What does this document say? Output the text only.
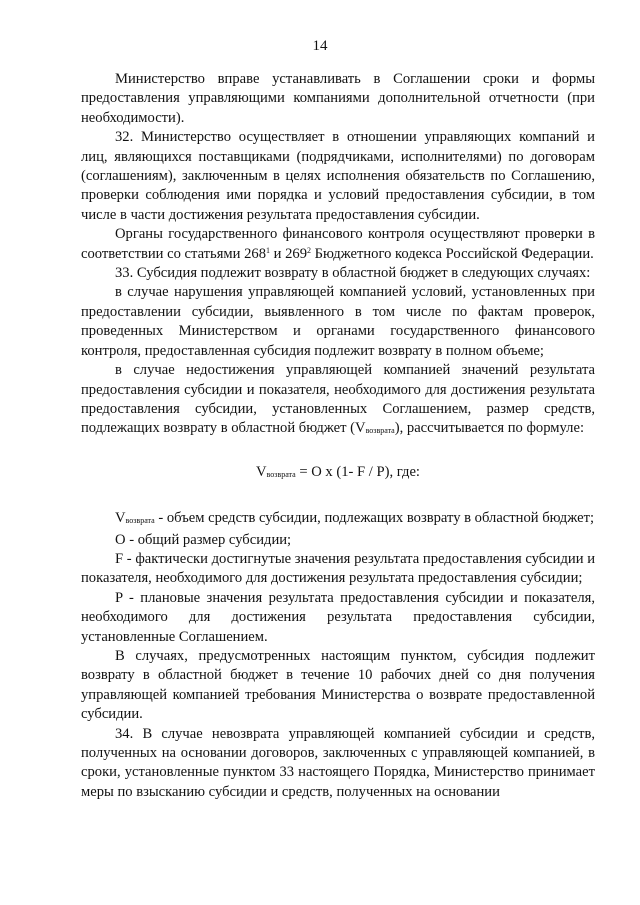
14

Министерство вправе устанавливать в Соглашении сроки и формы предоставления управляющими компаниями дополнительной отчетности (при необходимости).

32. Министерство осуществляет в отношении управляющих компаний и лиц, являющихся поставщиками (подрядчиками, исполнителями) по договорам (соглашениям), заключенным в целях исполнения обязательств по Соглашению, проверки соблюдения ими порядка и условий предоставления субсидии, в том числе в части достижения результата предоставления субсидии.

Органы государственного финансового контроля осуществляют проверки в соответствии со статьями $268^1$ и $269^2$ Бюджетного кодекса Российской Федерации.

33. Субсидия подлежит возврату в областной бюджет в следующих случаях:

в случае нарушения управляющей компанией условий, установленных при предоставлении субсидии, выявленного в том числе по фактам проверок, проведенных Министерством и органами государственного финансового контроля, предоставленная субсидия подлежит возврату в полном объеме;

в случае недостижения управляющей компанией значений результата предоставления субсидии и показателя, необходимого для достижения результата предоставления субсидии, установленных Соглашением, размер средств, подлежащих возврату в областной бюджет $(V_{возврата})$, рассчитывается по формуле:

$V_{возврата} = O$ x (1- F / P), где:

$V_{возврата}$ - объем средств субсидии, подлежащих возврату в областной бюджет;

O - общий размер субсидии;

F - фактически достигнутые значения результата предоставления субсидии и показателя, необходимого для достижения результата предоставления субсидии;

P - плановые значения результата предоставления субсидии и показателя, необходимого для достижения результата предоставления субсидии, установленные Соглашением.

В случаях, предусмотренных настоящим пунктом, субсидия подлежит возврату в областной бюджет в течение 10 рабочих дней со дня получения управляющей компанией требования Министерства о возврате предоставленной субсидии.

34. В случае невозврата управляющей компанией субсидии и средств, полученных на основании договоров, заключенных с управляющей компанией, в сроки, установленные пунктом 33 настоящего Порядка, Министерство принимает меры по взысканию субсидии и средств, полученных на основании
